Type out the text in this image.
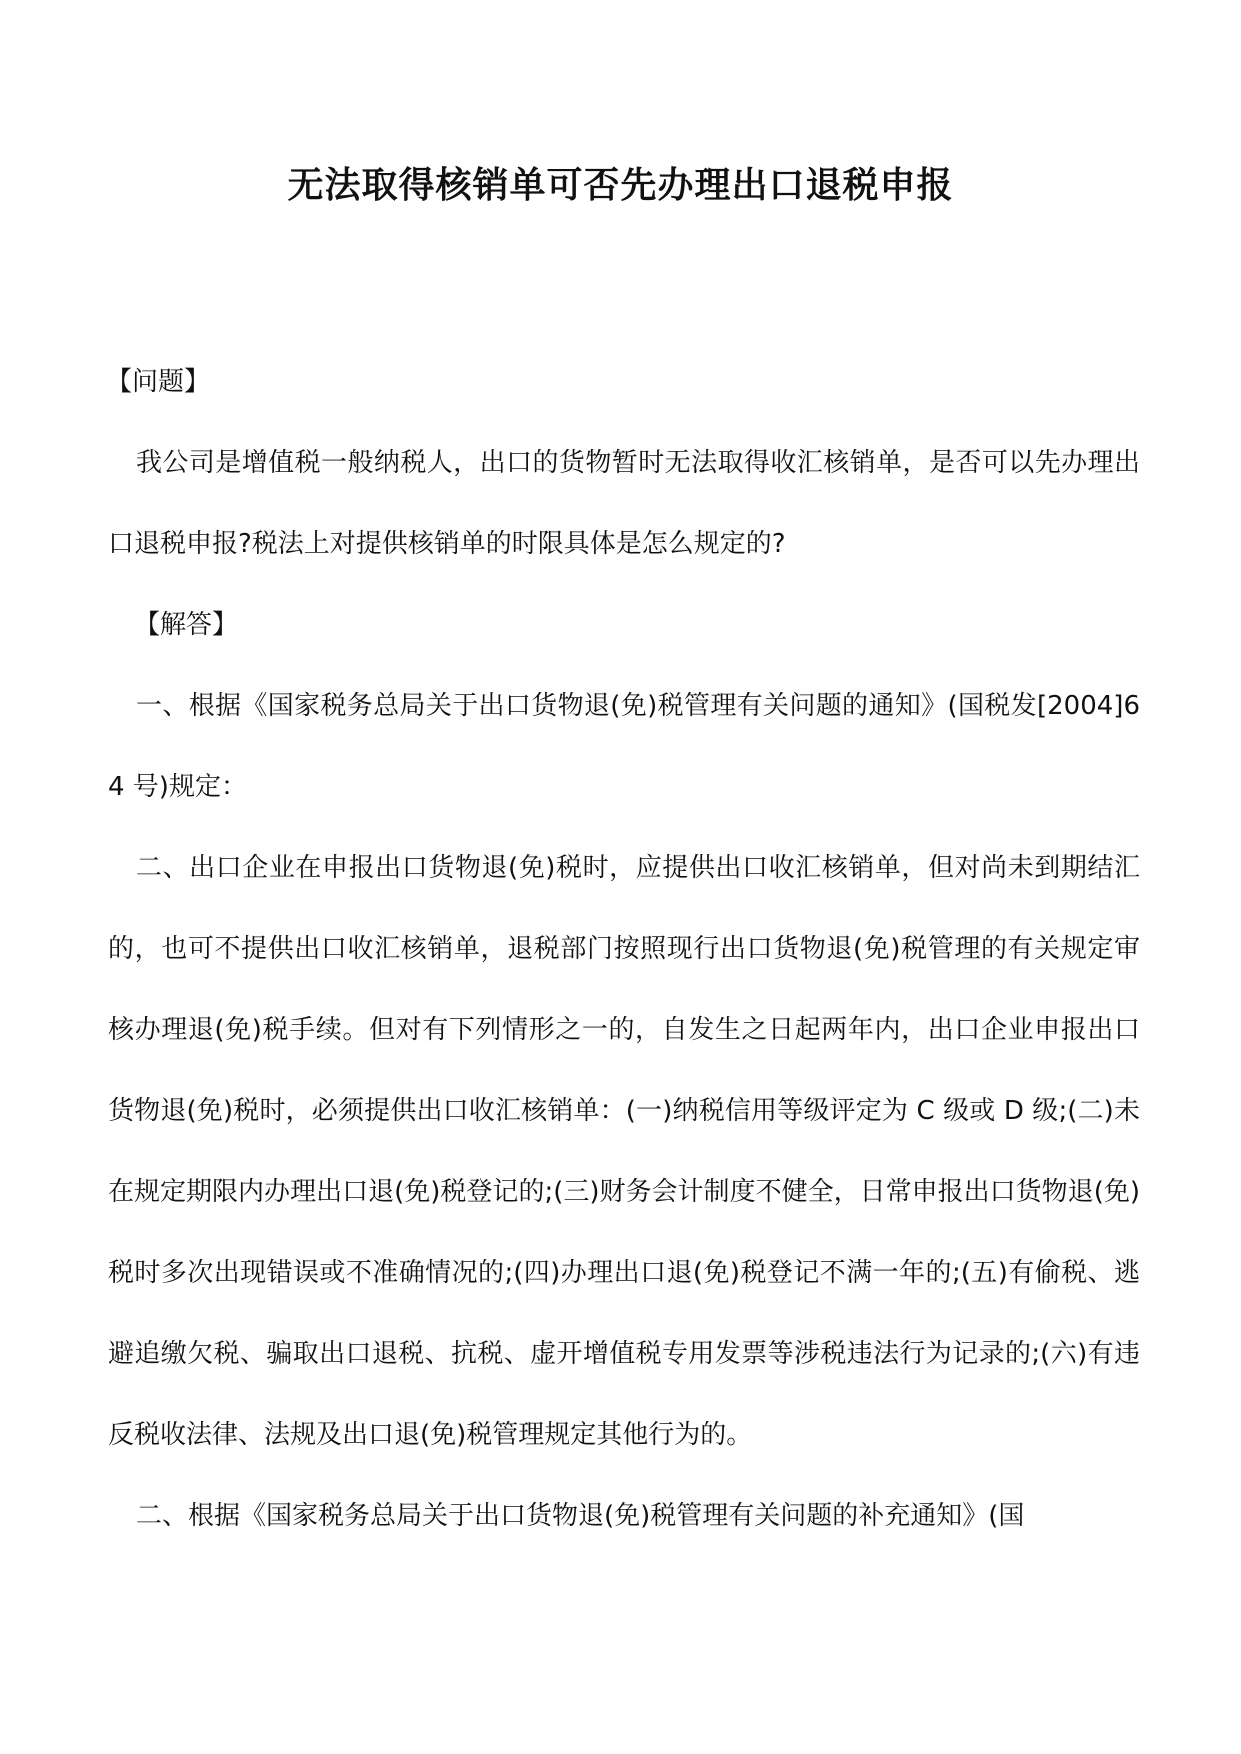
无法取得核销单可否先办理出口退税申报

【问题】

我公司是增值税一般纳税人，出口的货物暂时无法取得收汇核销单，是否可以先办理出口退税申报?税法上对提供核销单的时限具体是怎么规定的?

【解答】

一、根据《国家税务总局关于出口货物退(免)税管理有关问题的通知》(国税发[2004]64 号)规定：

二、出口企业在申报出口货物退(免)税时，应提供出口收汇核销单，但对尚未到期结汇的，也可不提供出口收汇核销单，退税部门按照现行出口货物退(免)税管理的有关规定审核办理退(免)税手续。但对有下列情形之一的，自发生之日起两年内，出口企业申报出口货物退(免)税时，必须提供出口收汇核销单：(一)纳税信用等级评定为 C 级或 D 级;(二)未在规定期限内办理出口退(免)税登记的;(三)财务会计制度不健全，日常申报出口货物退(免)税时多次出现错误或不准确情况的;(四)办理出口退(免)税登记不满一年的;(五)有偷税、逃避追缴欠税、骗取出口退税、抗税、虚开增值税专用发票等涉税违法行为记录的;(六)有违反税收法律、法规及出口退(免)税管理规定其他行为的。

二、根据《国家税务总局关于出口货物退(免)税管理有关问题的补充通知》(国
